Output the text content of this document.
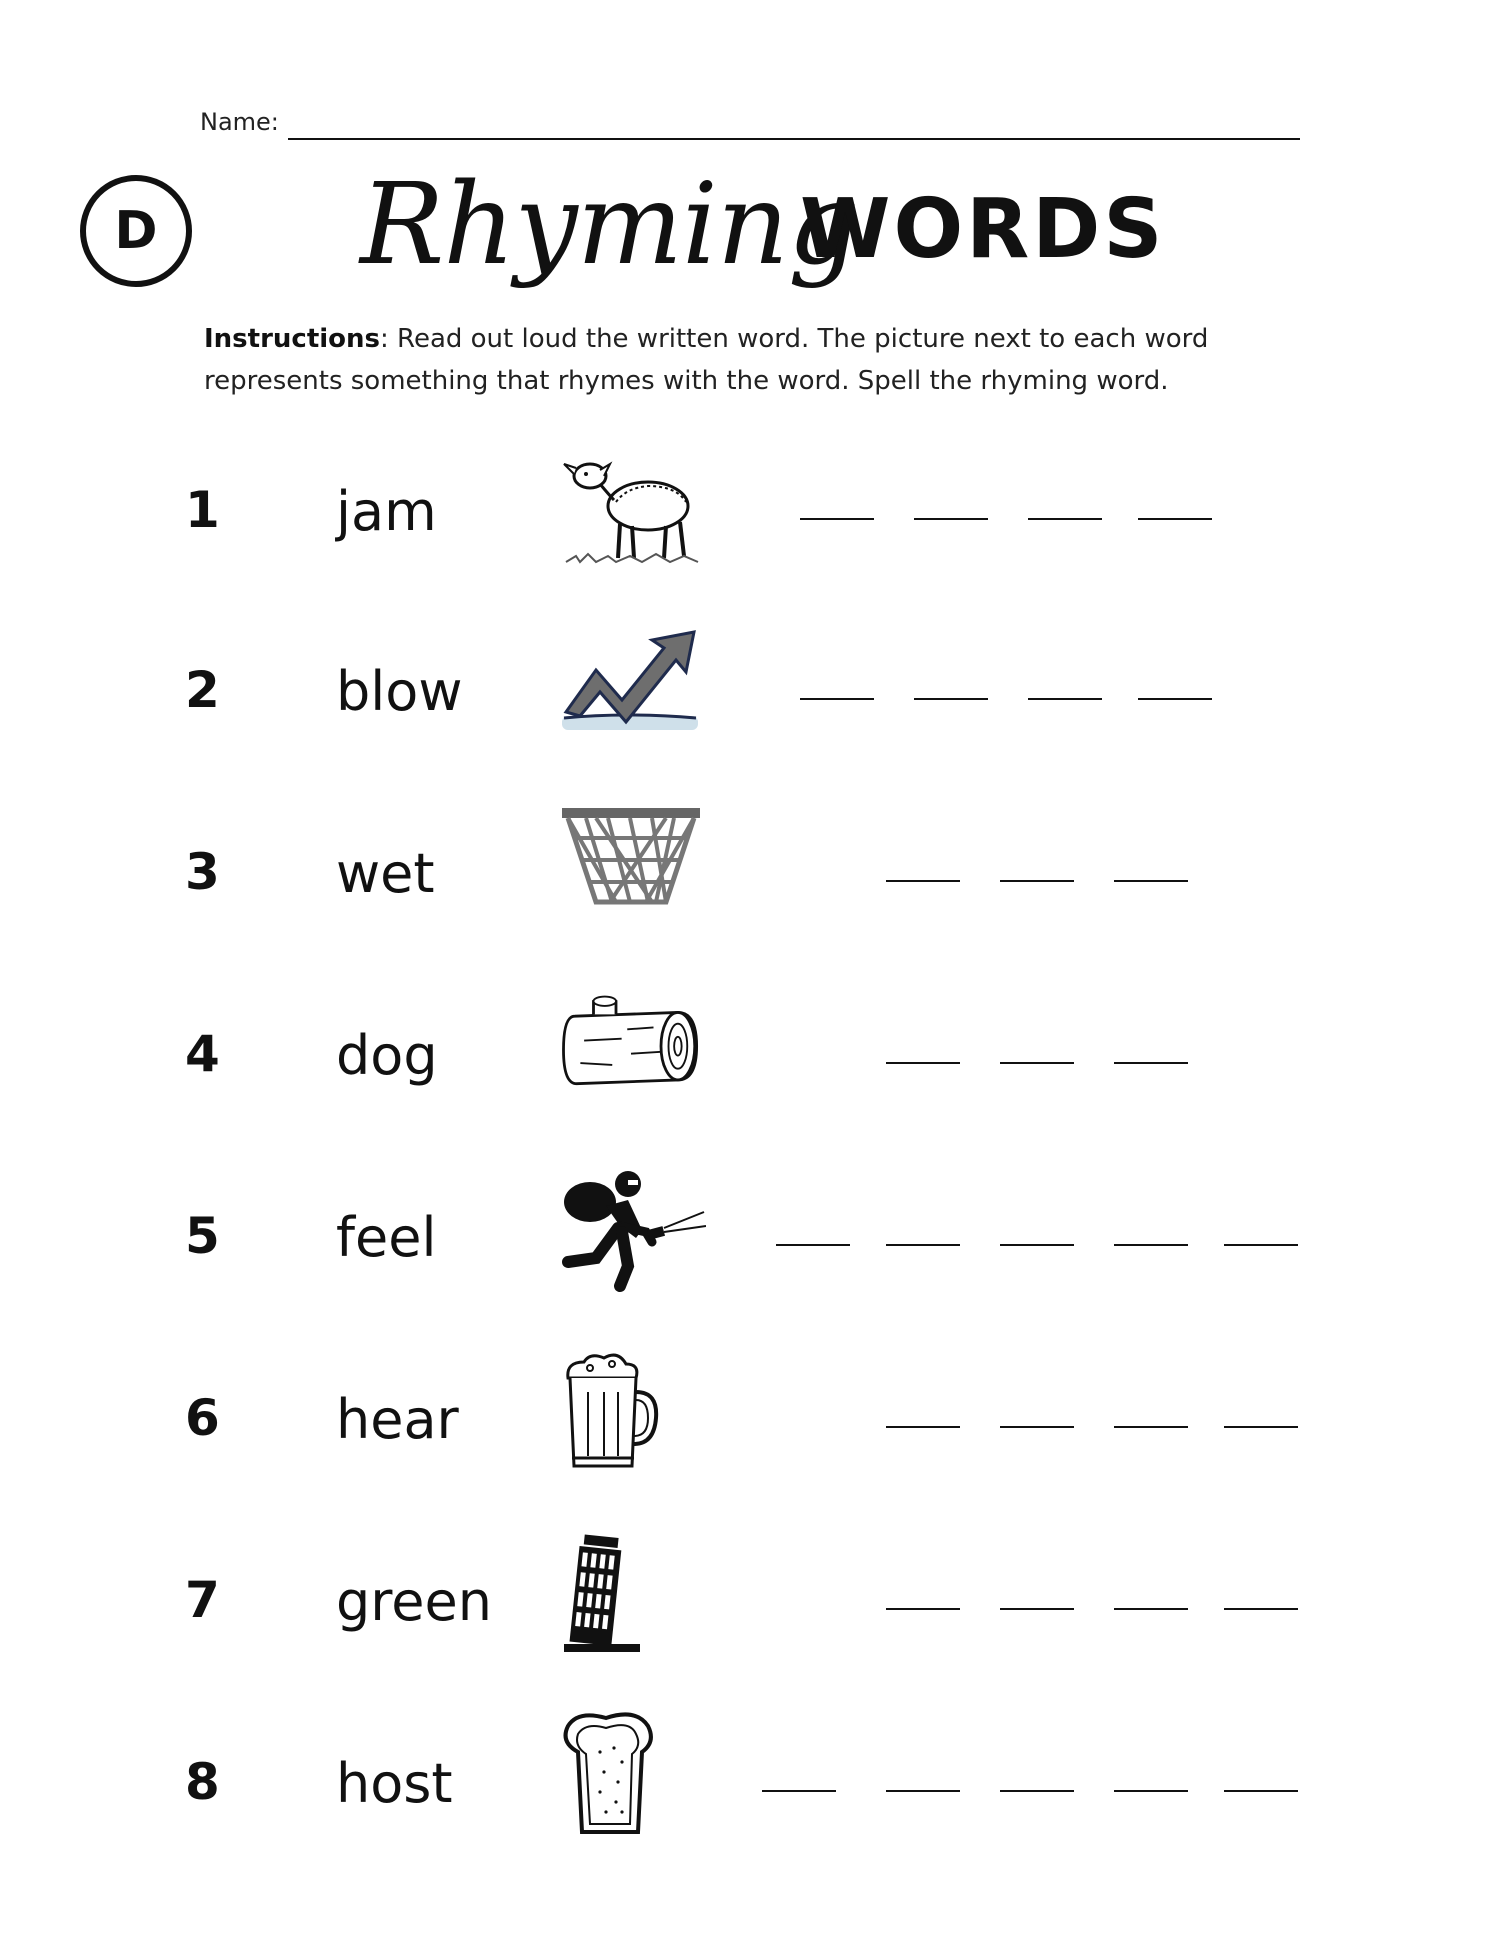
Name:
D Rhyming
WORDS
Instructions: Read out loud the written word. The picture next to each word represents something that rhymes with the word. Spell the rhyming word.
1 jam
2 blow
3 wet
4 dog
5 feel
6 hear
7 green
8 host
